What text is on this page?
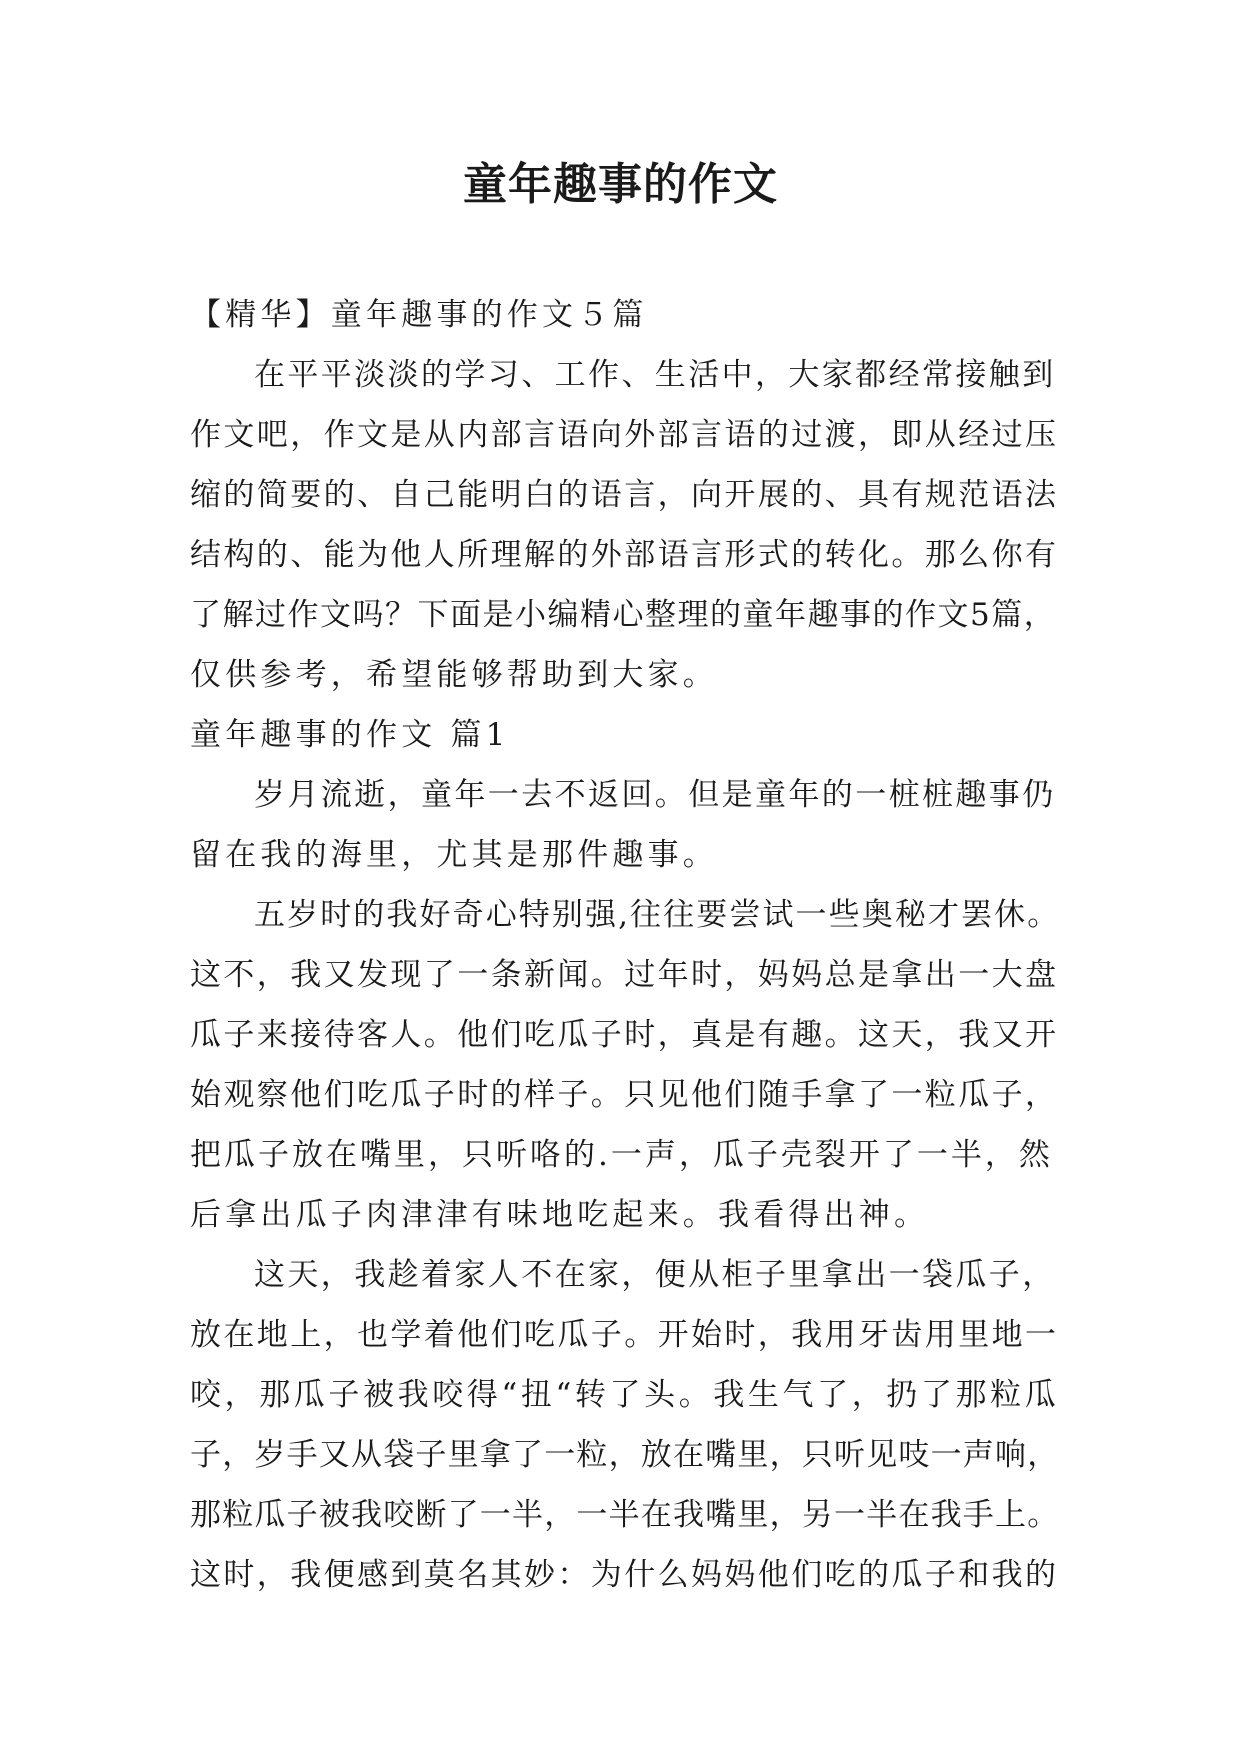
童年趣事的作文
【精华】童年趣事的作文５篇
在平平淡淡的学习、工作、生活中，大家都经常接触到
作文吧，作文是从内部言语向外部言语的过渡，即从经过压
缩的简要的、自己能明白的语言，向开展的、具有规范语法
结构的、能为他人所理解的外部语言形式的转化。那么你有
了解过作文吗？下面是小编精心整理的童年趣事的作文5篇，
仅供参考，希望能够帮助到大家。
童年趣事的作文 篇1
岁月流逝，童年一去不返回。但是童年的一桩桩趣事仍
留在我的海里，尤其是那件趣事。
五岁时的我好奇心特别强,往往要尝试一些奥秘才罢休。
这不，我又发现了一条新闻。过年时，妈妈总是拿出一大盘
瓜子来接待客人。他们吃瓜子时，真是有趣。这天，我又开
始观察他们吃瓜子时的样子。只见他们随手拿了一粒瓜子，
把瓜子放在嘴里，只听咯的.一声，瓜子壳裂开了一半，然
后拿出瓜子肉津津有味地吃起来。我看得出神。
这天，我趁着家人不在家，便从柜子里拿出一袋瓜子，
放在地上，也学着他们吃瓜子。开始时，我用牙齿用里地一
咬，那瓜子被我咬得“扭“转了头。我生气了，扔了那粒瓜
子，岁手又从袋子里拿了一粒，放在嘴里，只听见吱一声响，
那粒瓜子被我咬断了一半，一半在我嘴里，另一半在我手上。
这时，我便感到莫名其妙：为什么妈妈他们吃的瓜子和我的
